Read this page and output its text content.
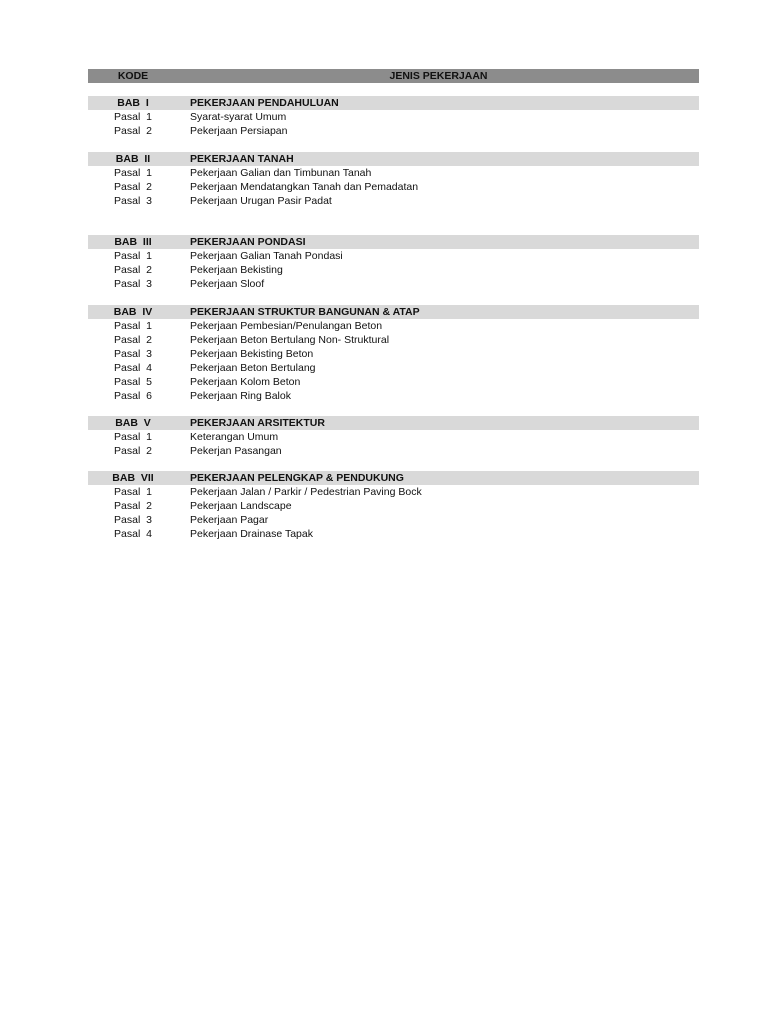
KODE	JENIS PEKERJAAN
BAB  I	PEKERJAAN PENDAHULUAN
Pasal  1	Syarat-syarat Umum
Pasal  2	Pekerjaan Persiapan
BAB  II	PEKERJAAN TANAH
Pasal  1	Pekerjaan Galian dan Timbunan Tanah
Pasal  2	Pekerjaan Mendatangkan Tanah dan Pemadatan
Pasal  3	Pekerjaan Urugan Pasir Padat
BAB  III	PEKERJAAN PONDASI
Pasal  1	Pekerjaan Galian Tanah Pondasi
Pasal  2	Pekerjaan Bekisting
Pasal  3	Pekerjaan Sloof
BAB  IV	PEKERJAAN STRUKTUR BANGUNAN & ATAP
Pasal  1	Pekerjaan Pembesian/Penulangan Beton
Pasal  2	Pekerjaan Beton Bertulang Non- Struktural
Pasal  3	Pekerjaan Bekisting Beton
Pasal  4	Pekerjaan Beton Bertulang
Pasal  5	Pekerjaan Kolom Beton
Pasal  6	Pekerjaan Ring Balok
BAB  V	PEKERJAAN ARSITEKTUR
Pasal  1	Keterangan Umum
Pasal  2	Pekerjan Pasangan
BAB  VII	PEKERJAAN PELENGKAP & PENDUKUNG
Pasal  1	Pekerjaan Jalan / Parkir / Pedestrian Paving Bock
Pasal  2	Pekerjaan Landscape
Pasal  3	Pekerjaan Pagar
Pasal  4	Pekerjaan Drainase Tapak
